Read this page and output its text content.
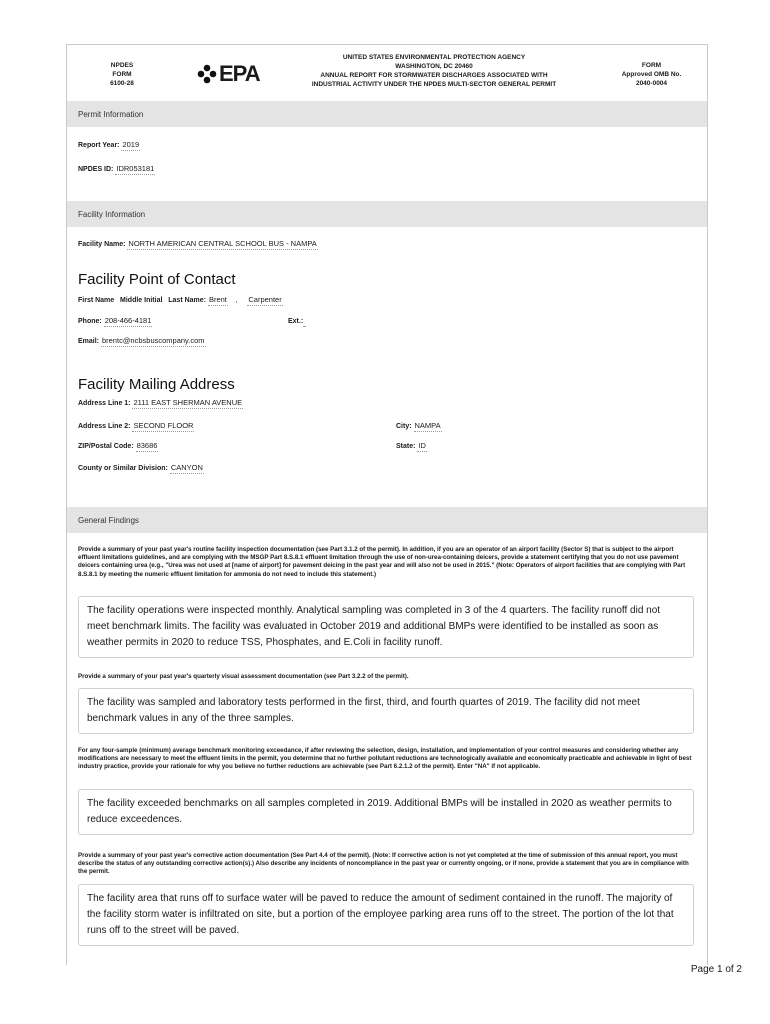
NPDES
FORM
6100-28	EPA
UNITED STATES ENVIRONMENTAL PROTECTION AGENCY
WASHINGTON, DC 20460
ANNUAL REPORT FOR STORMWATER DISCHARGES ASSOCIATED WITH
INDUSTRIAL ACTIVITY UNDER THE NPDES MULTI-SECTOR GENERAL PERMIT
FORM
Approved OMB No.
2040-0004
Permit Information
Report Year: 2019
NPDES ID: IDR053181
Facility Information
Facility Name: NORTH AMERICAN CENTRAL SCHOOL BUS - NAMPA
Facility Point of Contact
First Name Middle Initial Last Name: Brent , Carpenter
Phone: 208-466-4181	Ext.:
Email: brentc@ncbsbuscompany.com
Facility Mailing Address
Address Line 1: 2111 EAST SHERMAN AVENUE
Address Line 2: SECOND FLOOR	City: NAMPA
ZIP/Postal Code: 83686	State: ID
County or Similar Division: CANYON
General Findings
Provide a summary of your past year's routine facility inspection documentation (see Part 3.1.2 of the permit). In addition, if you are an operator of an airport facility (Sector S) that is subject to the airport effluent limitations guidelines, and are complying with the MSGP Part 8.S.8.1 effluent limitation through the use of non-urea-containing deicers, provide a statement certifying that you do not use pavement deicers containing urea (e.g., "Urea was not used at [name of airport] for pavement deicing in the past year and will also not be used in 2015." (Note: Operators of airport facilities that are complying with Part 8.S.8.1 by meeting the numeric effluent limitation for ammonia do not need to include this statement.)
The facility operations were inspected monthly. Analytical sampling was completed in 3 of the 4 quarters. The facility runoff did not meet benchmark limits. The facility was evaluated in October 2019 and additional BMPs were identified to be installed as soon as weather permits in 2020 to reduce TSS, Phosphates, and E.Coli in facility runoff.
Provide a summary of your past year's quarterly visual assessment documentation (see Part 3.2.2 of the permit).
The facility was sampled and laboratory tests performed in the first, third, and fourth quartes of 2019. The facility did not meet benchmark values in any of the three samples.
For any four-sample (minimum) average benchmark monitoring exceedance, if after reviewing the selection, design, installation, and implementation of your control measures and considering whether any modifications are necessary to meet the effluent limits in the permit, you determine that no further pollutant reductions are technologically available and economically practicable and achievable in light of best industry practice, provide your rationale for why you believe no further reductions are achievable (see Part 6.2.1.2 of the permit). Enter "NA" if not applicable.
The facility exceeded benchmarks on all samples completed in 2019. Additional BMPs will be installed in 2020 as weather permits to reduce exceedences.
Provide a summary of your past year's corrective action documentation (See Part 4.4 of the permit). (Note: If corrective action is not yet completed at the time of submission of this annual report, you must describe the status of any outstanding corrective action(s).) Also describe any incidents of noncompliance in the past year or currently ongoing, or if none, provide a statement that you are in compliance with the permit.
The facility area that runs off to surface water will be paved to reduce the amount of sediment contained in the runoff. The majority of the facility storm water is infiltrated on site, but a portion of the employee parking area runs off to the street. The portion of the lot that runs off to the street will be paved.
Page 1 of 2
